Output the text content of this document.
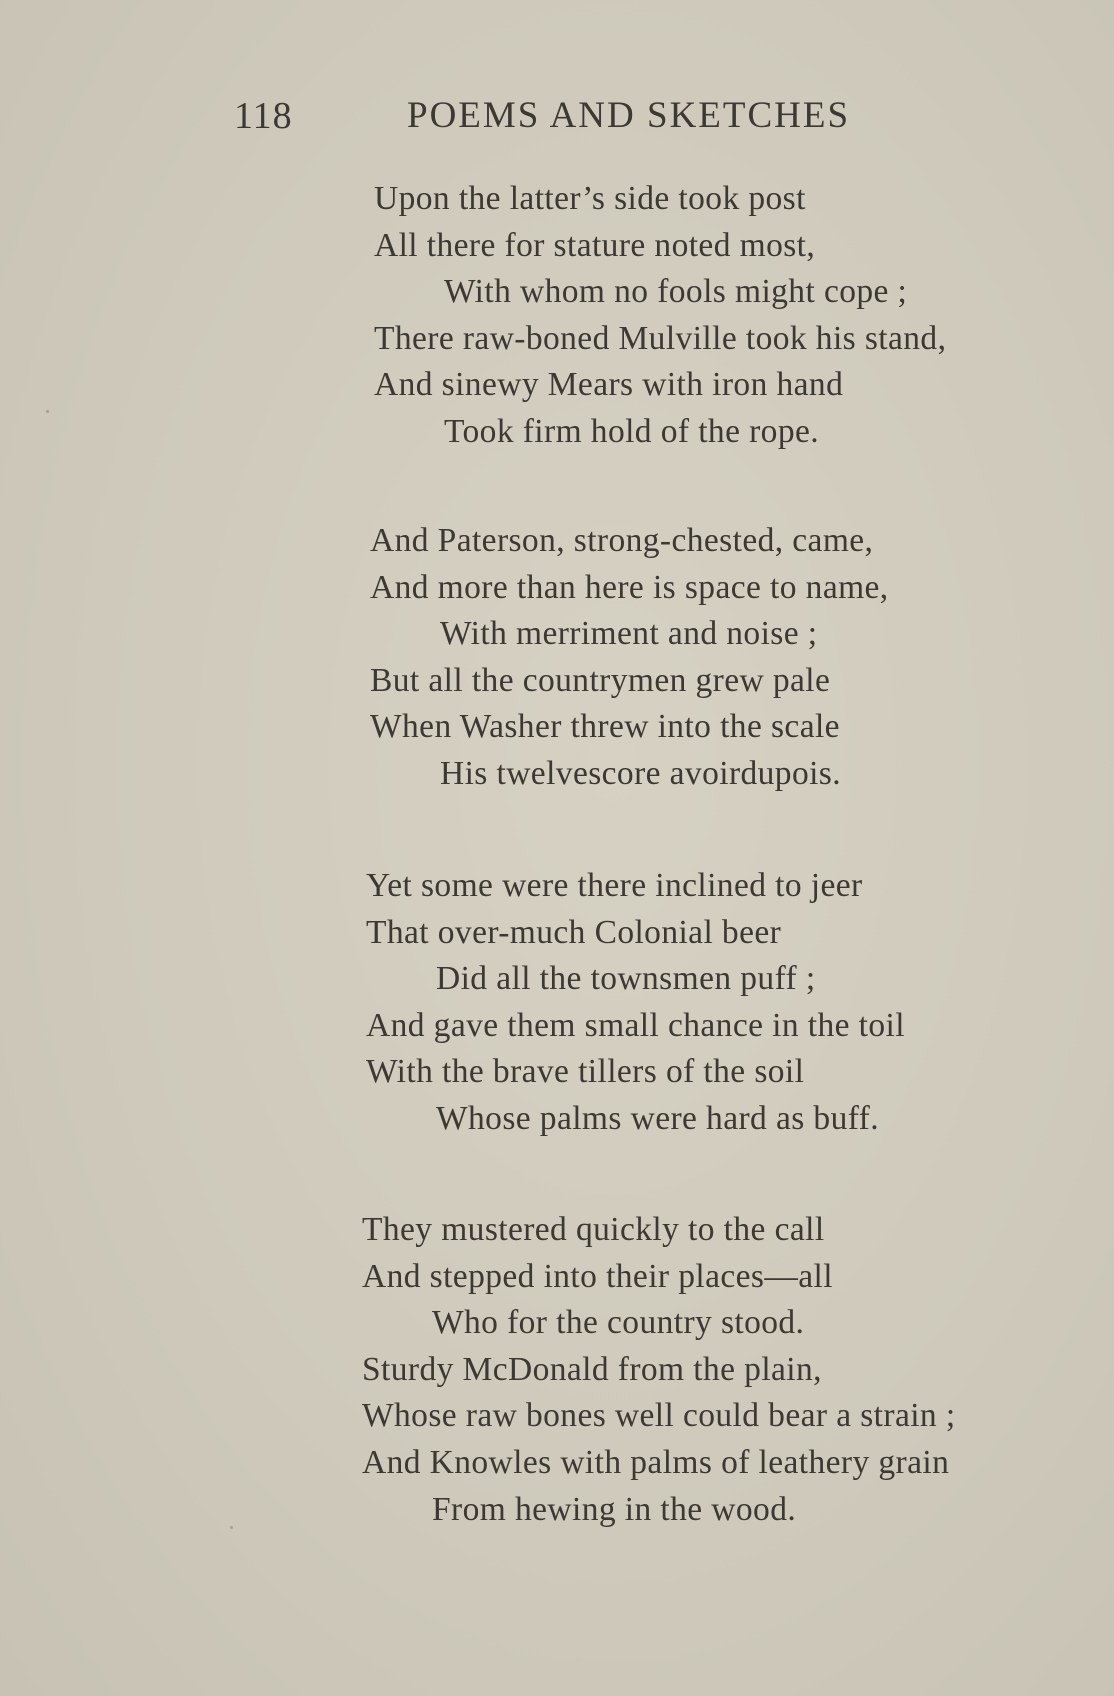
118	POEMS AND SKETCHES
Upon the latter’s side took post
All there for stature noted most,
With whom no fools might cope ;
There raw-boned Mulville took his stand,
And sinewy Mears with iron hand
Took firm hold of the rope.
And Paterson, strong-chested, came,
And more than here is space to name,
With merriment and noise ;
But all the countrymen grew pale
When Washer threw into the scale
His twelvescore avoirdupois.
Yet some were there inclined to jeer
That over-much Colonial beer
Did all the townsmen puff ;
And gave them small chance in the toil
With the brave tillers of the soil
Whose palms were hard as buff.
They mustered quickly to the call
And stepped into their places—all
Who for the country stood.
Sturdy McDonald from the plain,
Whose raw bones well could bear a strain ;
And Knowles with palms of leathery grain
From hewing in the wood.
